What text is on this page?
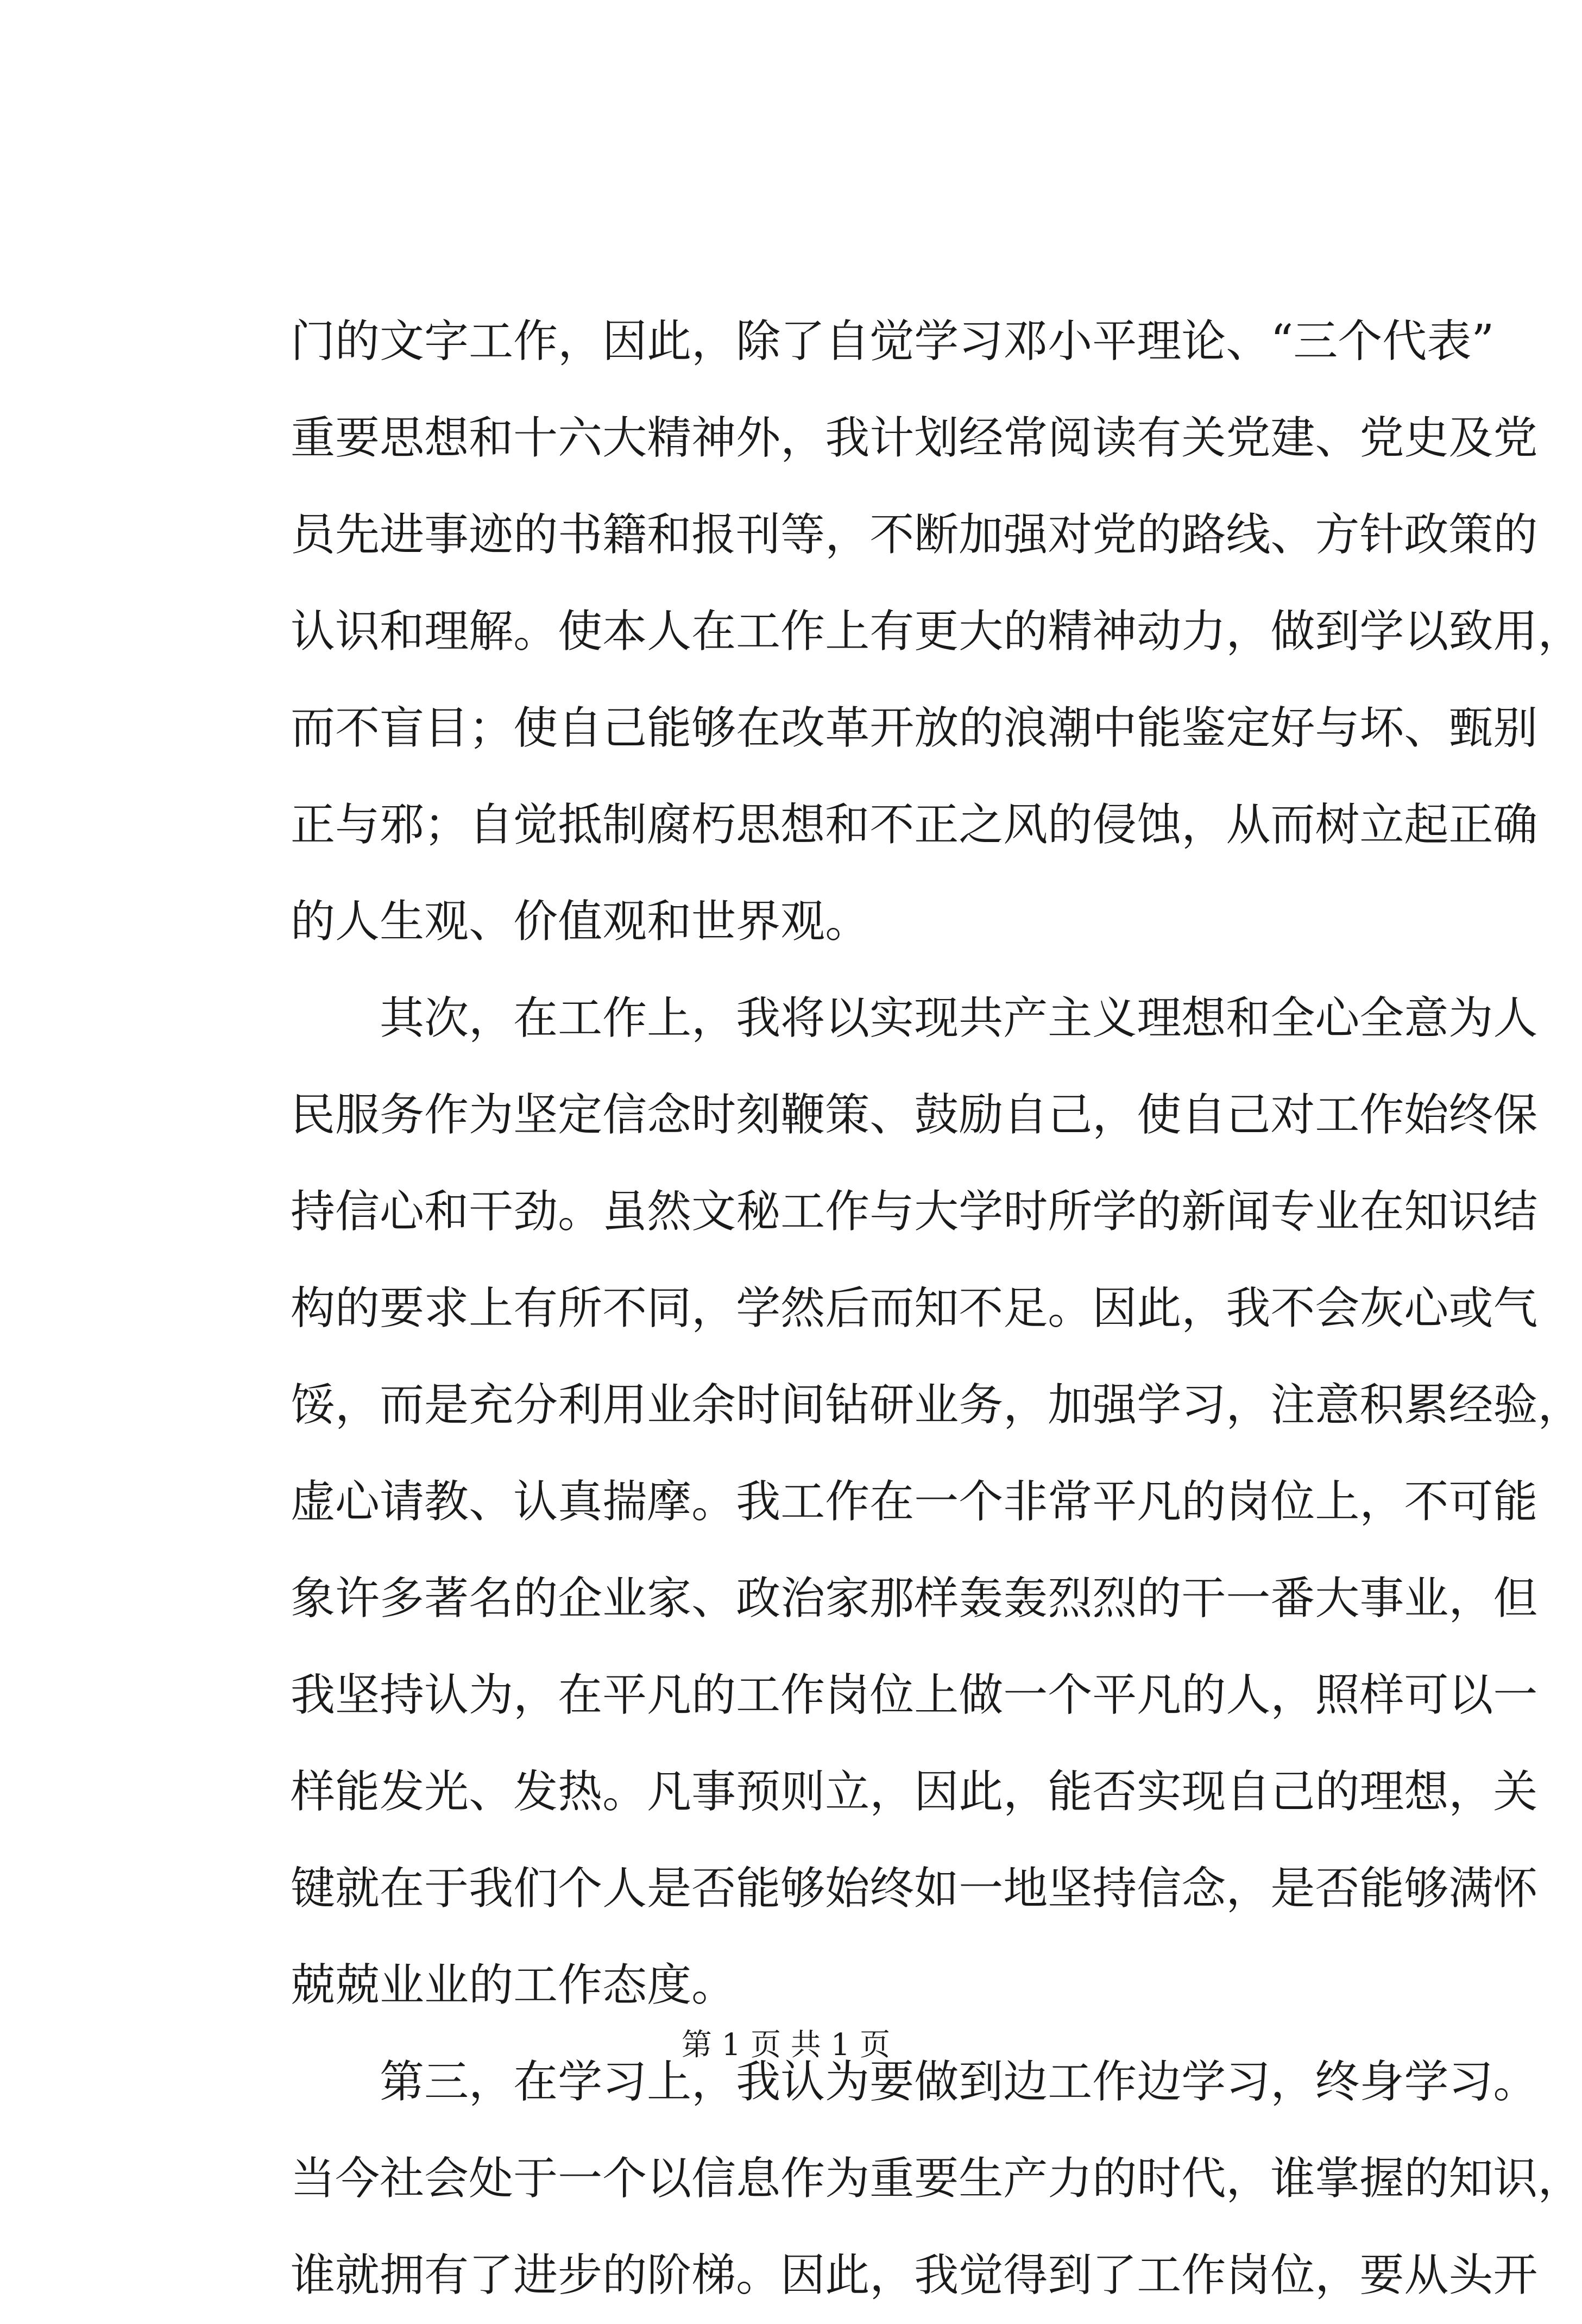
门 的 文 字 工 作 ， 因 此 ， 除 了 自 觉 学 习 邓 小 平 理 论 、 “ 三 个 代 表 ”
重 要 思 想 和 十 六 大 精 神 外 ， 我 计 划 经 常 阅 读 有 关 党 建 、 党 史 及 党
员 先 进 事 迹 的 书 籍 和 报 刊 等 ， 不 断 加 强 对 党 的 路 线 、 方 针 政 策 的
认 识 和 理 解 。 使 本 人 在 工 作 上 有 更 大 的 精 神 动 力 ， 做 到 学 以 致 用 ，
而 不 盲 目 ； 使 自 己 能 够 在 改 革 开 放 的 浪 潮 中 能 鉴 定 好 与 坏 、 甄 别
正 与 邪 ； 自 觉 抵 制 腐 朽 思 想 和 不 正 之 风 的 侵 蚀 ， 从 而 树 立 起 正 确
的 人 生 观 、 价 值 观 和 世 界 观 。
其 次 ， 在 工 作 上 ， 我 将 以 实 现 共 产 主 义 理 想 和 全 心 全 意 为 人
民 服 务 作 为 坚 定 信 念 时 刻 鞭 策 、 鼓 励 自 己 ， 使 自 己 对 工 作 始 终 保
持 信 心 和 干 劲 。 虽 然 文 秘 工 作 与 大 学 时 所 学 的 新 闻 专 业 在 知 识 结
构 的 要 求 上 有 所 不 同 ， 学 然 后 而 知 不 足 。 因 此 ， 我 不 会 灰 心 或 气
馁 ， 而 是 充 分 利 用 业 余 时 间 钻 研 业 务 ， 加 强 学 习 ， 注 意 积 累 经 验 ，
虚 心 请 教 、 认 真 揣 摩 。 我 工 作 在 一 个 非 常 平 凡 的 岗 位 上 ， 不 可 能
象 许 多 著 名 的 企 业 家 、 政 治 家 那 样 轰 轰 烈 烈 的 干 一 番 大 事 业 ， 但
我 坚 持 认 为 ， 在 平 凡 的 工 作 岗 位 上 做 一 个 平 凡 的 人 ， 照 样 可 以 一
样 能 发 光 、 发 热 。 凡 事 预 则 立 ， 因 此 ， 能 否 实 现 自 己 的 理 想 ， 关
键 就 在 于 我 们 个 人 是 否 能 够 始 终 如 一 地 坚 持 信 念 ， 是 否 能 够 满 怀
兢 兢 业 业 的 工 作 态 度 。
第 三 ， 在 学 习 上 ， 我 认 为 要 做 到 边 工 作 边 学 习 ， 终 身 学 习 。
当 今 社 会 处 于 一 个 以 信 息 作 为 重 要 生 产 力 的 时 代 ， 谁 掌 握 的 知 识 ，
谁 就 拥 有 了 进 步 的 阶 梯 。 因 此 ， 我 觉 得 到 了 工 作 岗 位 ， 要 从 头 开
第 1 页 共 1 页
